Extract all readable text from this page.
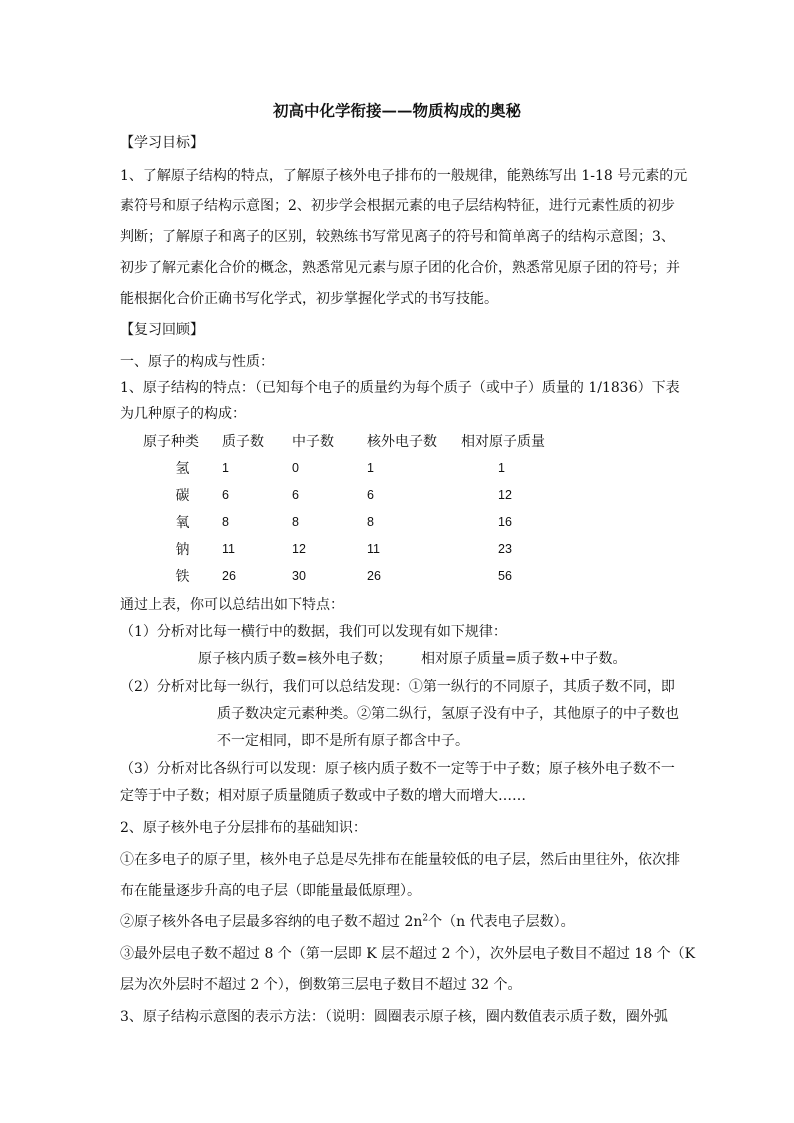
初高中化学衔接——物质构成的奥秘
【学习目标】
1、了解原子结构的特点，了解原子核外电子排布的一般规律，能熟练写出 1-18 号元素的元
素符号和原子结构示意图；2、初步学会根据元素的电子层结构特征，进行元素性质的初步
判断；了解原子和离子的区别，较熟练书写常见离子的符号和简单离子的结构示意图；3、
初步了解元素化合价的概念，熟悉常见元素与原子团的化合价，熟悉常见原子团的符号；并
能根据化合价正确书写化学式，初步掌握化学式的书写技能。
【复习回顾】
一、原子的构成与性质：
1、原子结构的特点：（已知每个电子的质量约为每个质子（或中子）质量的 1/1836）下表
为几种原子的构成：
原子种类	质子数	中子数	核外电子数	相对原子质量
氢	1	0	1	1
碳	6	6	6	12
氧	8	8	8	16
钠	11	12	11	23
铁	26	30	26	56
通过上表，你可以总结出如下特点：
（1）分析对比每一横行中的数据，我们可以发现有如下规律：
原子核内质子数=核外电子数； 相对原子质量=质子数+中子数。
（2）分析对比每一纵行，我们可以总结发现：①第一纵行的不同原子，其质子数不同，即
质子数决定元素种类。②第二纵行，氢原子没有中子，其他原子的中子数也
不一定相同，即不是所有原子都含中子。
（3）分析对比各纵行可以发现：原子核内质子数不一定等于中子数；原子核外电子数不一
定等于中子数；相对原子质量随质子数或中子数的增大而增大……
2、原子核外电子分层排布的基础知识：
①在多电子的原子里，核外电子总是尽先排布在能量较低的电子层，然后由里往外，依次排
布在能量逐步升高的电子层（即能量最低原理）。
②原子核外各电子层最多容纳的电子数不超过 $2n^2$个（n 代表电子层数）。
③最外层电子数不超过 8 个（第一层即 K 层不超过 2 个），次外层电子数目不超过 18 个（K
层为次外层时不超过 2 个），倒数第三层电子数目不超过 32 个。
3、原子结构示意图的表示方法：（说明：圆圈表示原子核，圈内数值表示质子数，圈外弧
